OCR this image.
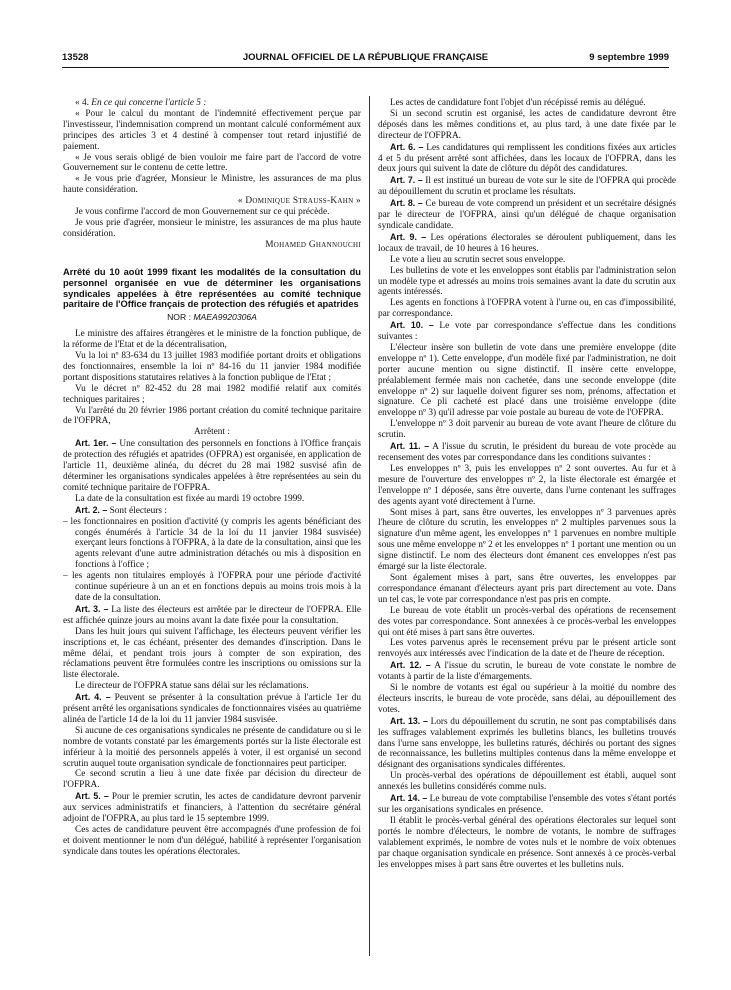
13528	JOURNAL OFFICIEL DE LA RÉPUBLIQUE FRANÇAISE	9 septembre 1999

« 4. En ce qui concerne l'article 5 :

« Pour le calcul du montant de l'indemnité effectivement perçue par l'investisseur, l'indemnisation comprend un montant calculé conformément aux principes des articles 3 et 4 destiné à compenser tout retard injustifié de paiement.

« Je vous serais obligé de bien vouloir me faire part de l'accord de votre Gouvernement sur le contenu de cette lettre.

« Je vous prie d'agréer, Monsieur le Ministre, les assurances de ma plus haute considération.

« Dominique Strauss-Kahn »

Je vous confirme l'accord de mon Gouvernement sur ce qui précède.

Je vous prie d'agréer, monsieur le ministre, les assurances de ma plus haute considération.

Mohamed Ghannouchi

Arrêté du 10 août 1999 fixant les modalités de la consultation du personnel organisée en vue de déterminer les organisations syndicales appelées à être représentées au comité technique paritaire de l'Office français de protection des réfugiés et apatrides
NOR : MAEA9920306A

Le ministre des affaires étrangères et le ministre de la fonction publique, de la réforme de l'Etat et de la décentralisation,

Vu la loi nº 83-634 du 13 juillet 1983 modifiée portant droits et obligations des fonctionnaires, ensemble la loi nº 84-16 du 11 janvier 1984 modifiée portant dispositions statutaires relatives à la fonction publique de l'Etat ;

Vu le décret nº 82-452 du 28 mai 1982 modifié relatif aux comités techniques paritaires ;

Vu l'arrêté du 20 février 1986 portant création du comité technique paritaire de l'OFPRA,

Arrêtent :

Art. 1er. – Une consultation des personnels en fonctions à l'Office français de protection des réfugiés et apatrides (OFPRA) est organisée, en application de l'article 11, deuxième alinéa, du décret du 28 mai 1982 susvisé afin de déterminer les organisations syndicales appelées à être représentées au sein du comité technique paritaire de l'OFPRA.

La date de la consultation est fixée au mardi 19 octobre 1999.

Art. 2. – Sont électeurs :

– les fonctionnaires en position d'activité (y compris les agents bénéficiant des congés énumérés à l'article 34 de la loi du 11 janvier 1984 susvisée) exerçant leurs fonctions à l'OFPRA, à la date de la consultation, ainsi que les agents relevant d'une autre administration détachés ou mis à disposition en fonctions à l'office ;

– les agents non titulaires employés à l'OFPRA pour une période d'activité continue supérieure à un an et en fonctions depuis au moins trois mois à la date de la consultation.

Art. 3. – La liste des électeurs est arrêtée par le directeur de l'OFPRA. Elle est affichée quinze jours au moins avant la date fixée pour la consultation.

Dans les huit jours qui suivent l'affichage, les électeurs peuvent vérifier les inscriptions et, le cas échéant, présenter des demandes d'inscription. Dans le même délai, et pendant trois jours à compter de son expiration, des réclamations peuvent être formulées contre les inscriptions ou omissions sur la liste électorale.

Le directeur de l'OFPRA statue sans délai sur les réclamations.

Art. 4. – Peuvent se présenter à la consultation prévue à l'article 1er du présent arrêté les organisations syndicales de fonctionnaires visées au quatrième alinéa de l'article 14 de la loi du 11 janvier 1984 susvisée.

Si aucune de ces organisations syndicales ne présente de candidature ou si le nombre de votants constaté par les émargements portés sur la liste électorale est inférieur à la moitié des personnels appelés à voter, il est organisé un second scrutin auquel toute organisation syndicale de fonctionnaires peut participer.

Ce second scrutin a lieu à une date fixée par décision du directeur de l'OFPRA.

Art. 5. – Pour le premier scrutin, les actes de candidature devront parvenir aux services administratifs et financiers, à l'attention du secrétaire général adjoint de l'OFPRA, au plus tard le 15 septembre 1999.

Ces actes de candidature peuvent être accompagnés d'une profession de foi et doivent mentionner le nom d'un délégué, habilité à représenter l'organisation syndicale dans toutes les opérations électorales.

Les actes de candidature font l'objet d'un récépissé remis au délégué.

Si un second scrutin est organisé, les actes de candidature devront être déposés dans les mêmes conditions et, au plus tard, à une date fixée par le directeur de l'OFPRA.

Art. 6. – Les candidatures qui remplissent les conditions fixées aux articles 4 et 5 du présent arrêté sont affichées, dans les locaux de l'OFPRA, dans les deux jours qui suivent la date de clôture du dépôt des candidatures.

Art. 7. – Il est institué un bureau de vote sur le site de l'OFPRA qui procède au dépouillement du scrutin et proclame les résultats.

Art. 8. – Ce bureau de vote comprend un président et un secrétaire désignés par le directeur de l'OFPRA, ainsi qu'un délégué de chaque organisation syndicale candidate.

Art. 9. – Les opérations électorales se déroulent publiquement, dans les locaux de travail, de 10 heures à 16 heures.

Le vote a lieu au scrutin secret sous enveloppe.

Les bulletins de vote et les enveloppes sont établis par l'administration selon un modèle type et adressés au moins trois semaines avant la date du scrutin aux agents intéressés.

Les agents en fonctions à l'OFPRA votent à l'urne ou, en cas d'impossibilité, par correspondance.

Art. 10. – Le vote par correspondance s'effectue dans les conditions suivantes :

L'électeur insère son bulletin de vote dans une première enveloppe (dite enveloppe nº 1). Cette enveloppe, d'un modèle fixé par l'administration, ne doit porter aucune mention ou signe distinctif. Il insère cette enveloppe, préalablement fermée mais non cachetée, dans une seconde enveloppe (dite enveloppe nº 2) sur laquelle doivent figurer ses nom, prénoms, affectation et signature. Ce pli cacheté est placé dans une troisième enveloppe (dite enveloppe nº 3) qu'il adresse par voie postale au bureau de vote de l'OFPRA.

L'enveloppe nº 3 doit parvenir au bureau de vote avant l'heure de clôture du scrutin.

Art. 11. – A l'issue du scrutin, le président du bureau de vote procède au recensement des votes par correspondance dans les conditions suivantes :

Les enveloppes nº 3, puis les enveloppes nº 2 sont ouvertes. Au fur et à mesure de l'ouverture des enveloppes nº 2, la liste électorale est émargée et l'enveloppe nº 1 déposée, sans être ouverte, dans l'urne contenant les suffrages des agents ayant voté directement à l'urne.

Sont mises à part, sans être ouvertes, les enveloppes nº 3 parvenues après l'heure de clôture du scrutin, les enveloppes nº 2 multiples parvenues sous la signature d'un même agent, les enveloppes nº 1 parvenues en nombre multiple sous une même enveloppe nº 2 et les enveloppes nº 1 portant une mention ou un signe distinctif. Le nom des électeurs dont émanent ces enveloppes n'est pas émargé sur la liste électorale.

Sont également mises à part, sans être ouvertes, les enveloppes par correspondance émanant d'électeurs ayant pris part directement au vote. Dans un tel cas, le vote par correspondance n'est pas pris en compte.

Le bureau de vote établit un procès-verbal des opérations de recensement des votes par correspondance. Sont annexées à ce procès-verbal les enveloppes qui ont été mises à part sans être ouvertes.

Les votes parvenus après le recensement prévu par le présent article sont renvoyés aux intéressés avec l'indication de la date et de l'heure de réception.

Art. 12. – A l'issue du scrutin, le bureau de vote constate le nombre de votants à partir de la liste d'émargements.

Si le nombre de votants est égal ou supérieur à la moitié du nombre des électeurs inscrits, le bureau de vote procède, sans délai, au dépouillement des votes.

Art. 13. – Lors du dépouillement du scrutin, ne sont pas comptabilisés dans les suffrages valablement exprimés les bulletins blancs, les bulletins trouvés dans l'urne sans enveloppe, les bulletins raturés, déchirés ou portant des signes de reconnaissance, les bulletins multiples contenus dans la même enveloppe et désignant des organisations syndicales différentes.

Un procès-verbal des opérations de dépouillement est établi, auquel sont annexés les bulletins considérés comme nuls.

Art. 14. – Le bureau de vote comptabilise l'ensemble des votes s'étant portés sur les organisations syndicales en présence.

Il établit le procès-verbal général des opérations électorales sur lequel sont portés le nombre d'électeurs, le nombre de votants, le nombre de suffrages valablement exprimés, le nombre de votes nuls et le nombre de voix obtenues par chaque organisation syndicale en présence. Sont annexés à ce procès-verbal les enveloppes mises à part sans être ouvertes et les bulletins nuls.
